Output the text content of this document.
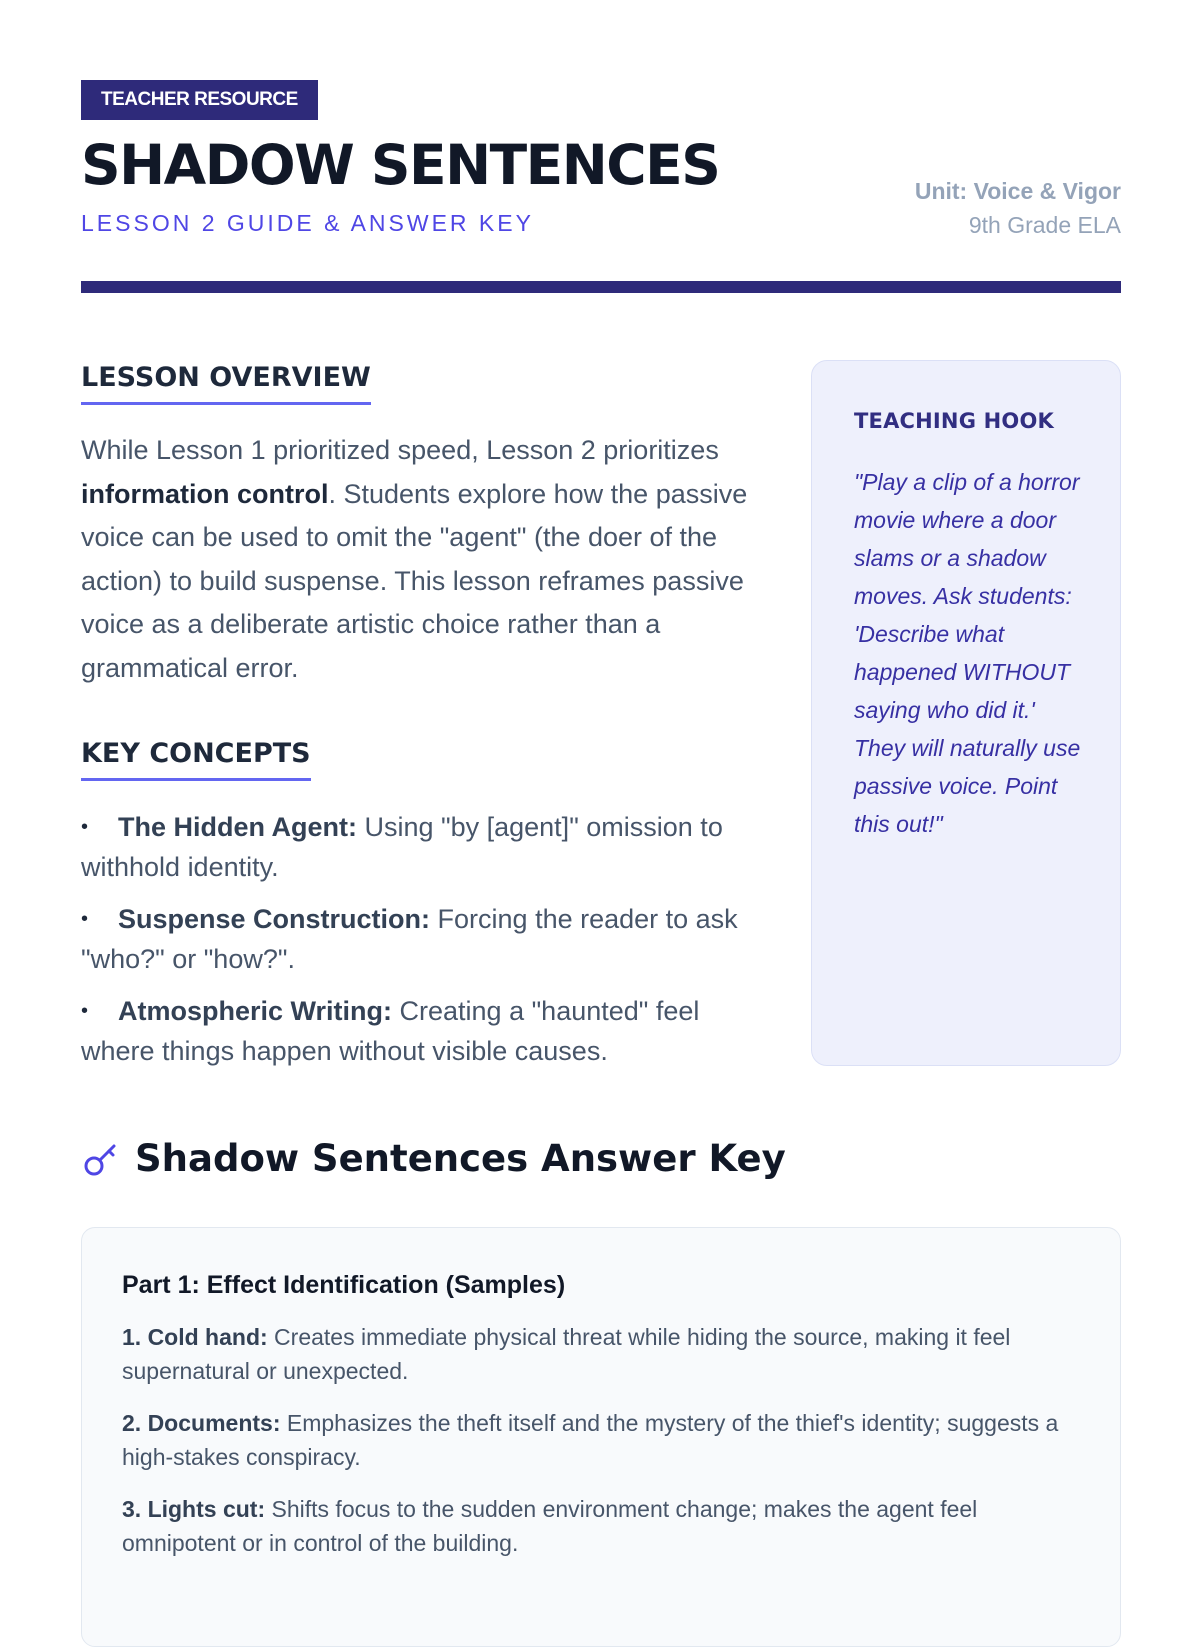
TEACHER RESOURCE
SHADOW SENTENCES
LESSON 2 GUIDE & ANSWER KEY
Unit: Voice & Vigor
9th Grade ELA
LESSON OVERVIEW

While Lesson 1 prioritized speed, Lesson 2 prioritizes information control. Students explore how the passive voice can be used to omit the "agent" (the doer of the action) to build suspense. This lesson reframes passive voice as a deliberate artistic choice rather than a grammatical error.

KEY CONCEPTS
• The Hidden Agent: Using "by [agent]" omission to withhold identity.
• Suspense Construction: Forcing the reader to ask "who?" or "how?".
• Atmospheric Writing: Creating a "haunted" feel where things happen without visible causes.
TEACHING HOOK

"Play a clip of a horror movie where a door slams or a shadow moves. Ask students: 'Describe what happened WITHOUT saying who did it.' They will naturally use passive voice. Point this out!"

Shadow Sentences Answer Key
Part 1: Effect Identification (Samples)

1. Cold hand: Creates immediate physical threat while hiding the source, making it feel supernatural or unexpected.

2. Documents: Emphasizes the theft itself and the mystery of the thief's identity; suggests a high-stakes conspiracy.

3. Lights cut: Shifts focus to the sudden environment change; makes the agent feel omnipotent or in control of the building.
